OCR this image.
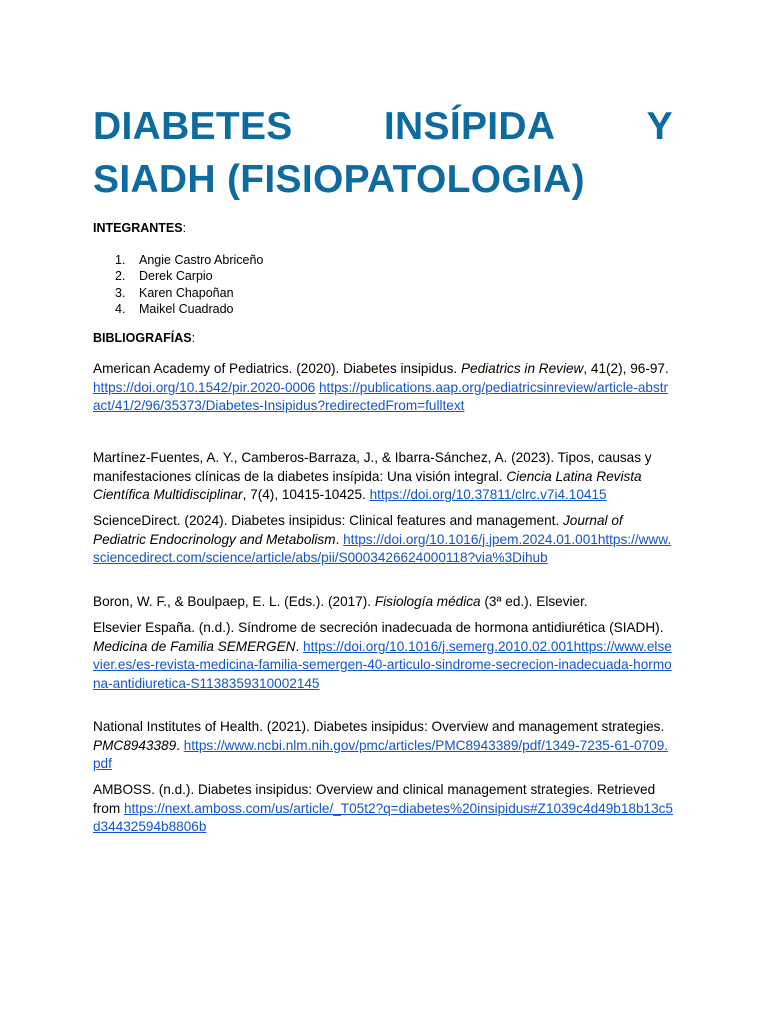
DIABETES INSÍPIDA Y
SIADH (FISIOPATOLOGIA)
INTEGRANTES:
1. Angie Castro Abriceño
2. Derek Carpio
3. Karen Chapoñan
4. Maikel Cuadrado
BIBLIOGRAFÍAS:

American Academy of Pediatrics. (2020). Diabetes insipidus. Pediatrics in Review, 41(2), 96-97. https://doi.org/10.1542/pir.2020-0006 https://publications.aap.org/pediatricsinreview/article-abstract/41/2/96/35373/Diabetes-Insipidus?redirectedFrom=fulltext

Martínez-Fuentes, A. Y., Camberos-Barraza, J., & Ibarra-Sánchez, A. (2023). Tipos, causas y manifestaciones clínicas de la diabetes insípida: Una visión integral. Ciencia Latina Revista Científica Multidisciplinar, 7(4), 10415-10425. https://doi.org/10.37811/clrc.v7i4.10415

ScienceDirect. (2024). Diabetes insipidus: Clinical features and management. Journal of Pediatric Endocrinology and Metabolism. https://doi.org/10.1016/j.jpem.2024.01.001https://www.sciencedirect.com/science/article/abs/pii/S0003426624000118?via%3Dihub

Boron, W. F., & Boulpaep, E. L. (Eds.). (2017). Fisiología médica (3ª ed.). Elsevier.

Elsevier España. (n.d.). Síndrome de secreción inadecuada de hormona antidiurética (SIADH). Medicina de Familia SEMERGEN. https://doi.org/10.1016/j.semerg.2010.02.001https://www.elsevier.es/es-revista-medicina-familia-semergen-40-articulo-sindrome-secrecion-inadecuada-hormona-antidiuretica-S1138359310002145

National Institutes of Health. (2021). Diabetes insipidus: Overview and management strategies. PMC8943389. https://www.ncbi.nlm.nih.gov/pmc/articles/PMC8943389/pdf/1349-7235-61-0709.pdf

AMBOSS. (n.d.). Diabetes insipidus: Overview and clinical management strategies. Retrieved from https://next.amboss.com/us/article/_T05t2?q=diabetes%20insipidus#Z1039c4d49b18b13c5d34432594b8806b
